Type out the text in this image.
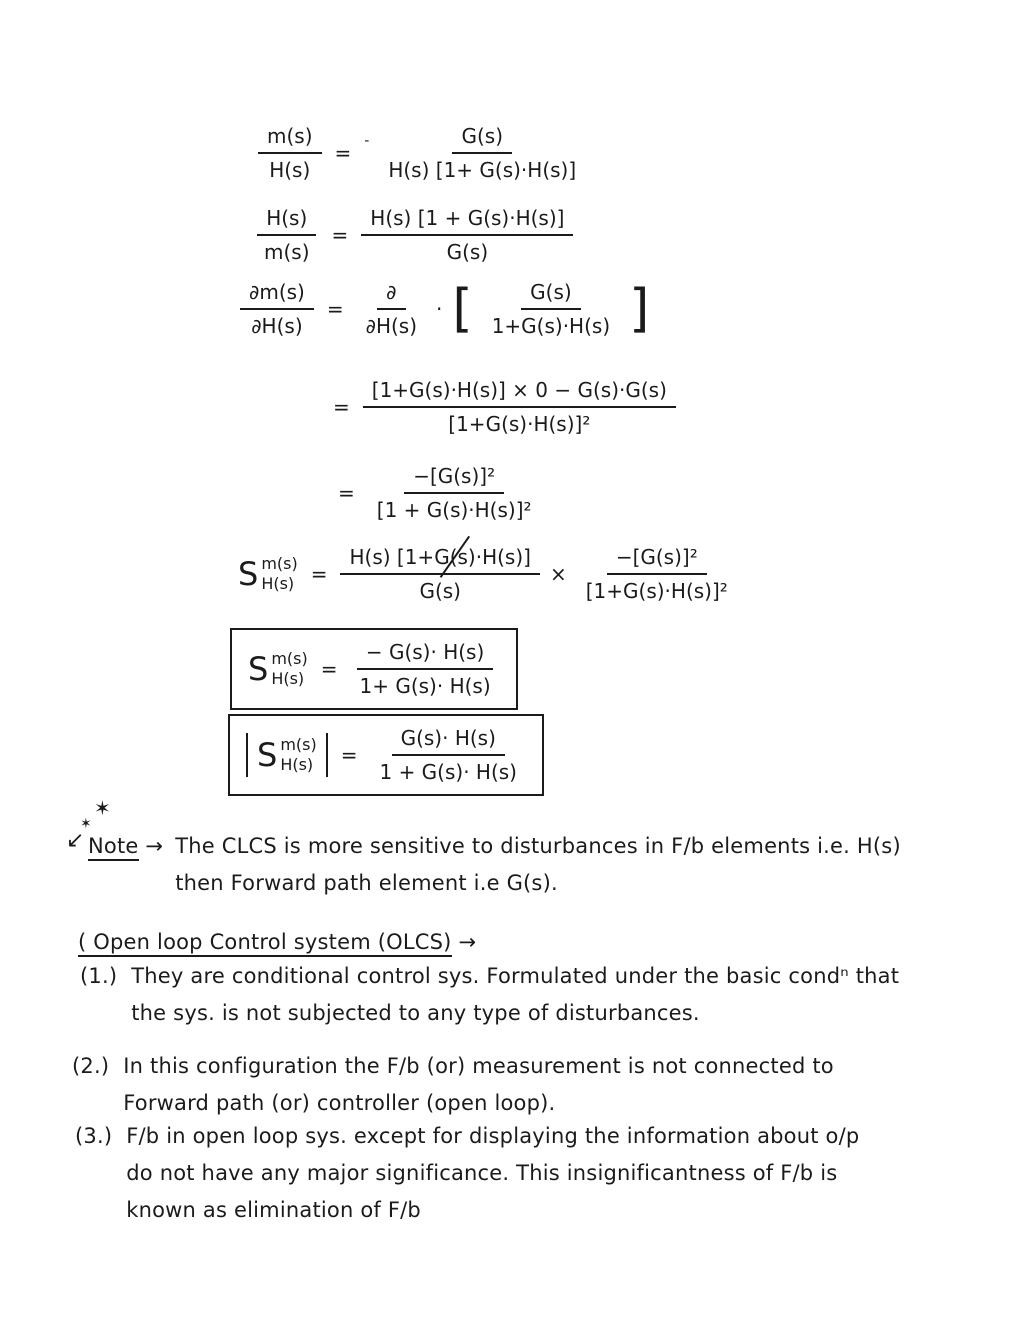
$\frac{m(s)}{H(s)}$ = - $\frac{G(s)}{H(s) [1+ G(s)\cdot H(s)]}$
$\frac{H(s)}{m(s)} = \frac{H(s) [1 + G(s)\cdot H(s)]}{G(s)}$
$\frac{\partial m(s)}{\partial H(s)} = \frac{\partial}{\partial H(s)}$ · [ $\frac{G(s)}{1+G(s)\cdot H(s)}$ ]
= $\frac{[1+G(s)\cdot H(s)] \times 0 - G(s)\cdot G(s)}{\text{[1+G(s)·H(s)]²}}$
= $\frac{\text{−[G(s)]²}}{\text{[1 + G(s)·H(s)]²}}$
S m(s)
$H(s) = \frac{H(s) [1+G(s)\cdot H(s)]}{G(s)} \times \frac{\text{−[G(s)]²}}{\text{[1+G(s)·H(s)]²}}$
S m(s)
$H(s) = \frac{- G(s)\cdot H(s)}{1+ G(s)\cdot H(s)}$
S m(s)
$H(s) = \frac{G(s)\cdot H(s)}{1 + G(s)\cdot H(s)}$
✶
✶
↙ Note → The CLCS is more sensitive to disturbances in F/b elements i.e. H(s)
then Forward path element i.e G(s).
( Open loop Control system (OLCS) →
(1.) They are conditional control sys. Formulated under the basic condⁿ that
the sys. is not subjected to any type of disturbances.
(2.) In this configuration the F/b (or) measurement is not connected to
Forward path (or) controller (open loop).
(3.) F/b in open loop sys. except for displaying the information about o/p
do not have any major significance. This insignificantness of F/b is
known as elimination of F/b
